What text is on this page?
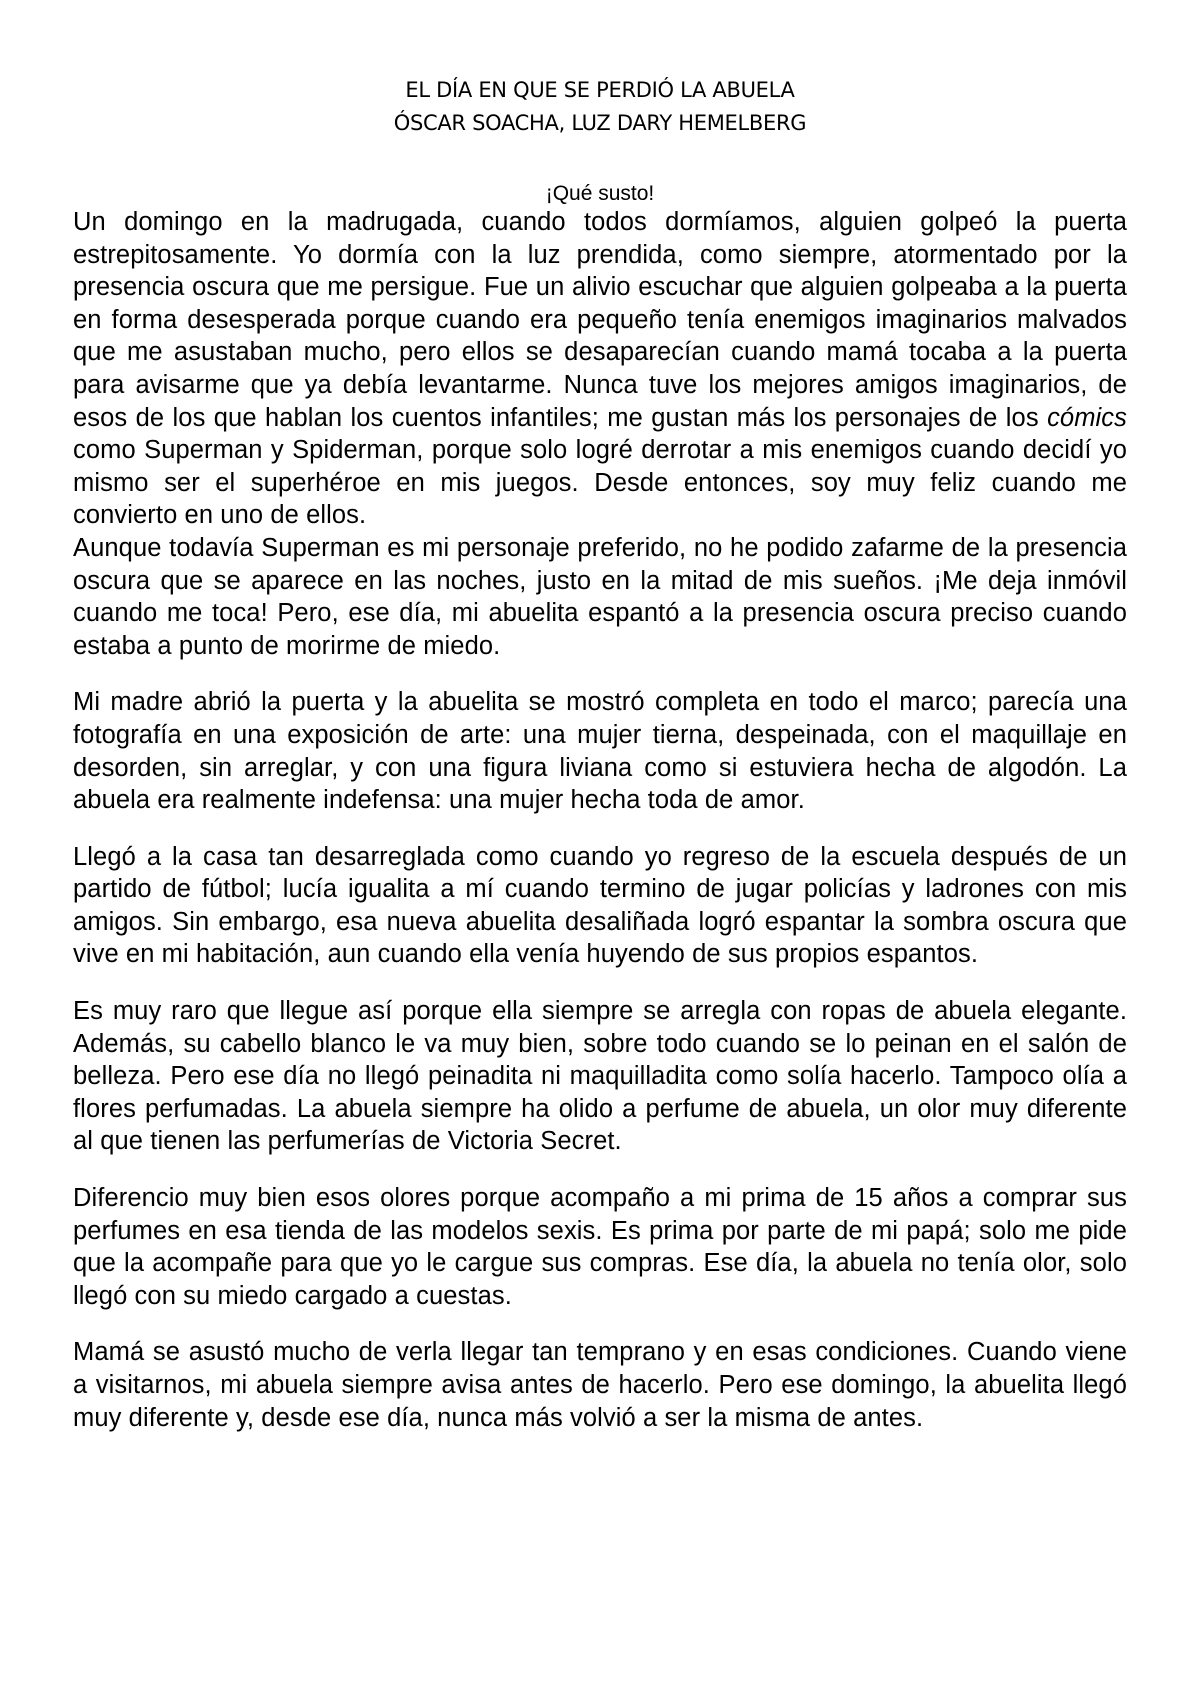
EL DÍA EN QUE SE PERDIÓ LA ABUELA
ÓSCAR SOACHA, LUZ DARY HEMELBERG
¡Qué susto!

Un domingo en la madrugada, cuando todos dormíamos, alguien golpeó la puerta estrepitosamente. Yo dormía con la luz prendida, como siempre, atormentado por la presencia oscura que me persigue. Fue un alivio escuchar que alguien golpeaba a la puerta en forma desesperada porque cuando era pequeño tenía enemigos imaginarios malvados que me asustaban mucho, pero ellos se desaparecían cuando mamá tocaba a la puerta para avisarme que ya debía levantarme. Nunca tuve los mejores amigos imaginarios, de esos de los que hablan los cuentos infantiles; me gustan más los personajes de los cómics como Superman y Spiderman, porque solo logré derrotar a mis enemigos cuando decidí yo mismo ser el superhéroe en mis juegos. Desde entonces, soy muy feliz cuando me convierto en uno de ellos.

Aunque todavía Superman es mi personaje preferido, no he podido zafarme de la presencia oscura que se aparece en las noches, justo en la mitad de mis sueños. ¡Me deja inmóvil cuando me toca! Pero, ese día, mi abuelita espantó a la presencia oscura preciso cuando estaba a punto de morirme de miedo.

Mi madre abrió la puerta y la abuelita se mostró completa en todo el marco; parecía una fotografía en una exposición de arte: una mujer tierna, despeinada, con el maquillaje en desorden, sin arreglar, y con una figura liviana como si estuviera hecha de algodón. La abuela era realmente indefensa: una mujer hecha toda de amor.

Llegó a la casa tan desarreglada como cuando yo regreso de la escuela después de un partido de fútbol; lucía igualita a mí cuando termino de jugar policías y ladrones con mis amigos. Sin embargo, esa nueva abuelita desaliñada logró espantar la sombra oscura que vive en mi habitación, aun cuando ella venía huyendo de sus propios espantos.

Es muy raro que llegue así porque ella siempre se arregla con ropas de abuela elegante. Además, su cabello blanco le va muy bien, sobre todo cuando se lo peinan en el salón de belleza. Pero ese día no llegó peinadita ni maquilladita como solía hacerlo. Tampoco olía a flores perfumadas. La abuela siempre ha olido a perfume de abuela, un olor muy diferente al que tienen las perfumerías de Victoria Secret.

Diferencio muy bien esos olores porque acompaño a mi prima de 15 años a comprar sus perfumes en esa tienda de las modelos sexis. Es prima por parte de mi papá; solo me pide que la acompañe para que yo le cargue sus compras. Ese día, la abuela no tenía olor, solo llegó con su miedo cargado a cuestas.

Mamá se asustó mucho de verla llegar tan temprano y en esas condiciones. Cuando viene a visitarnos, mi abuela siempre avisa antes de hacerlo. Pero ese domingo, la abuelita llegó muy diferente y, desde ese día, nunca más volvió a ser la misma de antes.
